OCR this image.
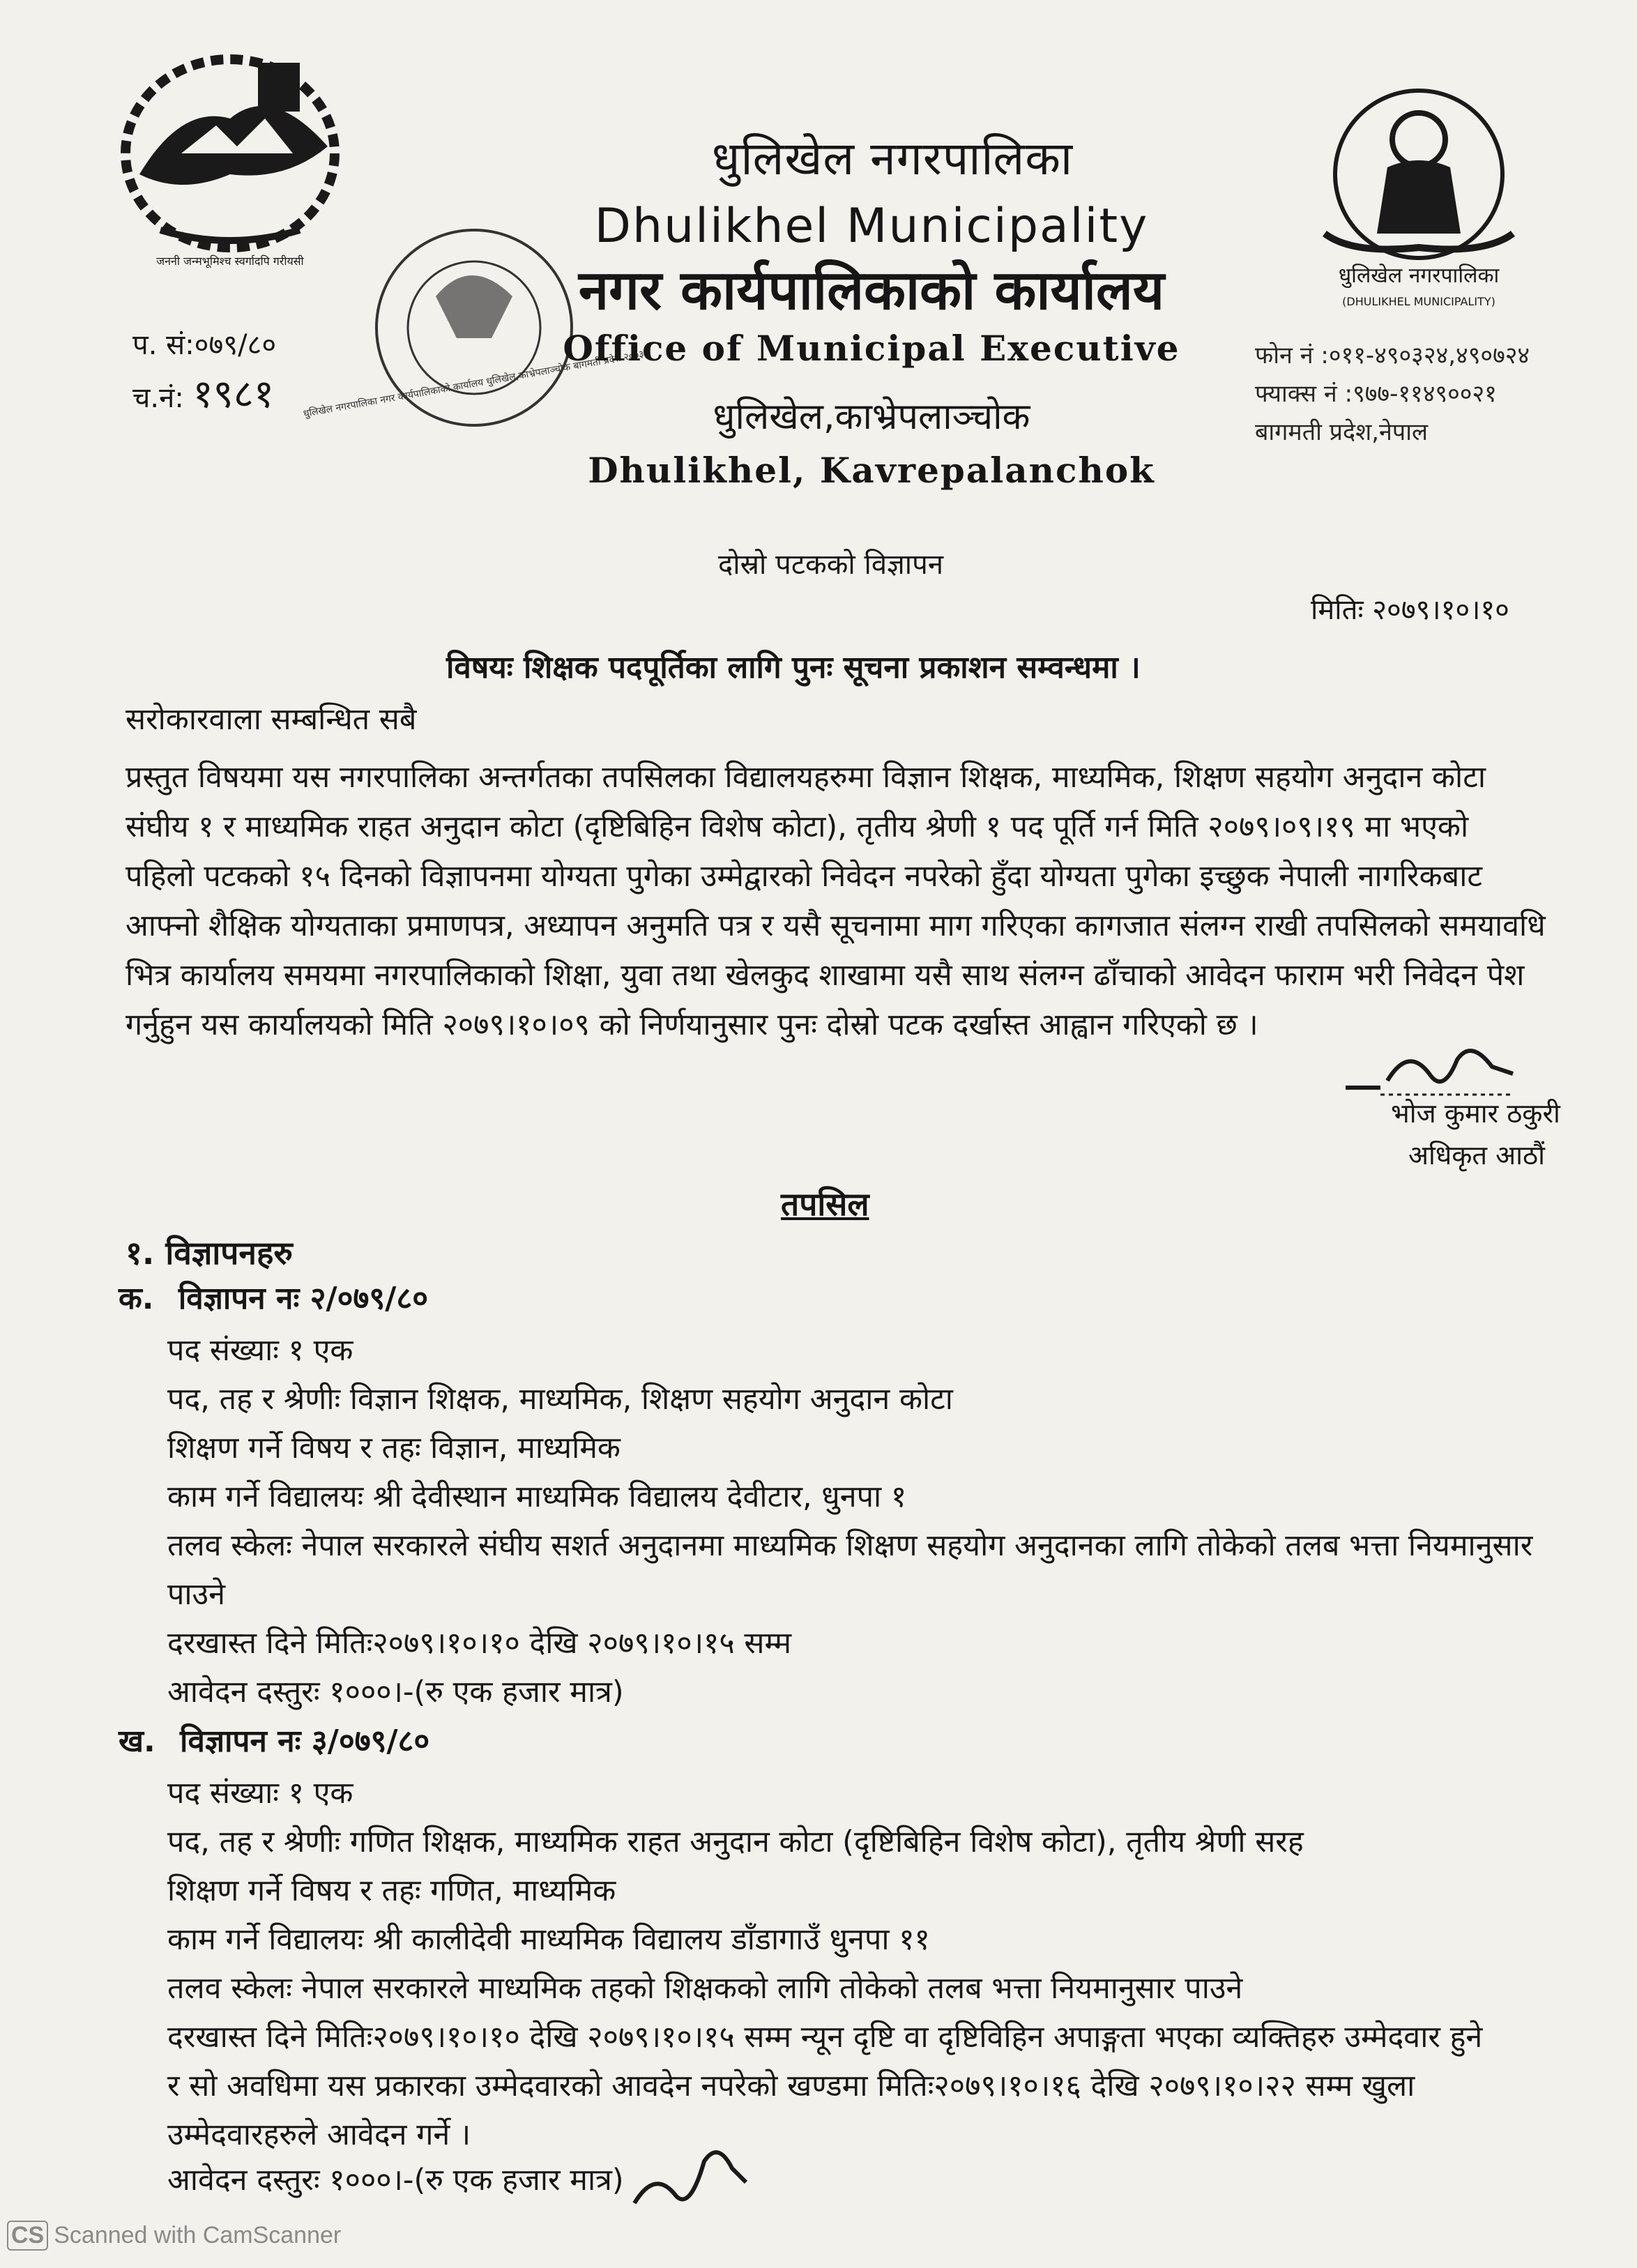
जननी जन्मभूमिश्च स्वर्गादपि गरीयसी
धुलिखेल नगरपालिका नगर कार्यपालिकाको कार्यालय धुलिखेल,काभ्रेपलाञ्चोक बागमती प्रदेश २०७३
धुलिखेल नगरपालिका
(DHULIKHEL MUNICIPALITY)
धुलिखेल नगरपालिका
Dhulikhel Municipality
नगर कार्यपालिकाको कार्यालय
Office of Municipal Executive
धुलिखेल,काभ्रेपलाञ्चोक
Dhulikhel, Kavrepalanchok
प. सं:०७९/८०
च.नं: १९८१
फोन नं :०११-४९०३२४,४९०७२४
फ्याक्स नं :९७७-११४९००२१
बागमती प्रदेश,नेपाल
दोस्रो पटकको विज्ञापन
मितिः २०७९।१०।१०
विषयः शिक्षक पदपूर्तिका लागि पुनः सूचना प्रकाशन सम्वन्धमा ।
सरोकारवाला सम्बन्धित सबै
प्रस्तुत विषयमा यस नगरपालिका अन्तर्गतका तपसिलका विद्यालयहरुमा विज्ञान शिक्षक, माध्यमिक, शिक्षण सहयोग अनुदान कोटा
संघीय १ र माध्यमिक राहत अनुदान कोटा (दृष्टिबिहिन विशेष कोटा), तृतीय श्रेणी १ पद पूर्ति गर्न मिति २०७९।०९।१९ मा भएको
पहिलो पटकको १५ दिनको विज्ञापनमा योग्यता पुगेका उम्मेद्वारको निवेदन नपरेको हुँदा योग्यता पुगेका इच्छुक नेपाली नागरिकबाट
आफ्नो शैक्षिक योग्यताका प्रमाणपत्र, अध्यापन अनुमति पत्र र यसै सूचनामा माग गरिएका कागजात संलग्न राखी तपसिलको समयावधि
भित्र कार्यालय समयमा नगरपालिकाको शिक्षा, युवा तथा खेलकुद शाखामा यसै साथ संलग्न ढाँचाको आवेदन फाराम भरी निवेदन पेश
गर्नुहुन यस कार्यालयको मिति २०७९।१०।०९ को निर्णयानुसार पुनः दोस्रो पटक दर्खास्त आह्वान गरिएको छ ।
भोज कुमार ठकुरी
अधिकृत आठौं
तपसिल
१. विज्ञापनहरु
क. विज्ञापन नः २/०७९/८०
पद संख्याः १ एक
पद, तह र श्रेणीः विज्ञान शिक्षक, माध्यमिक, शिक्षण सहयोग अनुदान कोटा
शिक्षण गर्ने विषय र तहः विज्ञान, माध्यमिक
काम गर्ने विद्यालयः श्री देवीस्थान माध्यमिक विद्यालय देवीटार, धुनपा १
तलव स्केलः नेपाल सरकारले संघीय सशर्त अनुदानमा माध्यमिक शिक्षण सहयोग अनुदानका लागि तोकेको तलब भत्ता नियमानुसार
पाउने
दरखास्त दिने मितिः२०७९।१०।१० देखि २०७९।१०।१५ सम्म
आवेदन दस्तुरः १०००।-(रु एक हजार मात्र)
ख. विज्ञापन नः ३/०७९/८०
पद संख्याः १ एक
पद, तह र श्रेणीः गणित शिक्षक, माध्यमिक राहत अनुदान कोटा (दृष्टिबिहिन विशेष कोटा), तृतीय श्रेणी सरह
शिक्षण गर्ने विषय र तहः गणित, माध्यमिक
काम गर्ने विद्यालयः श्री कालीदेवी माध्यमिक विद्यालय डाँडागाउँ धुनपा ११
तलव स्केलः नेपाल सरकारले माध्यमिक तहको शिक्षकको लागि तोकेको तलब भत्ता नियमानुसार पाउने
दरखास्त दिने मितिः२०७९।१०।१० देखि २०७९।१०।१५ सम्म न्यून दृष्टि वा दृष्टिविहिन अपाङ्गता भएका व्यक्तिहरु उम्मेदवार हुने
र सो अवधिमा यस प्रकारका उम्मेदवारको आवदेन नपरेको खण्डमा मितिः२०७९।१०।१६ देखि २०७९।१०।२२ सम्म खुला
उम्मेदवारहरुले आवेदन गर्ने ।
आवेदन दस्तुरः १०००।-(रु एक हजार मात्र)
CS Scanned with CamScanner
